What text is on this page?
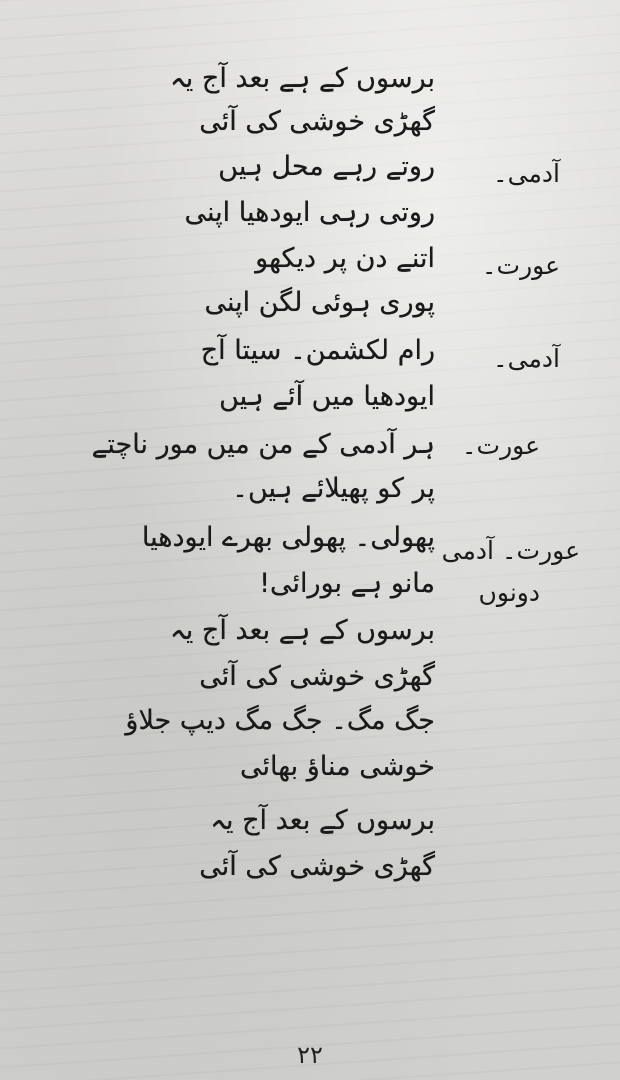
برسوں کے ہے بعد آج یہ
گھڑی خوشی کی آئی
روتے رہے محل ہیں
روتی رہی ایودھیا اپنی
اتنے دن پر دیکھو
پوری ہوئی لگن اپنی
رام لکشمن۔ سیتا آج
ایودھیا میں آئے ہیں
ہر آدمی کے من میں مور ناچتے
پر کو پھیلائے ہیں۔
پھولی۔ پھولی بھرے ایودھیا
مانو ہے بورائی!
برسوں کے ہے بعد آج یہ
گھڑی خوشی کی آئی
جگ مگ۔ جگ مگ دیپ جلاؤ
خوشی مناؤ بھائی
برسوں کے بعد آج یہ
گھڑی خوشی کی آئی
آدمی۔
عورت۔
آدمی۔
عورت۔
عورت۔ آدمی
دونوں
۲۲
